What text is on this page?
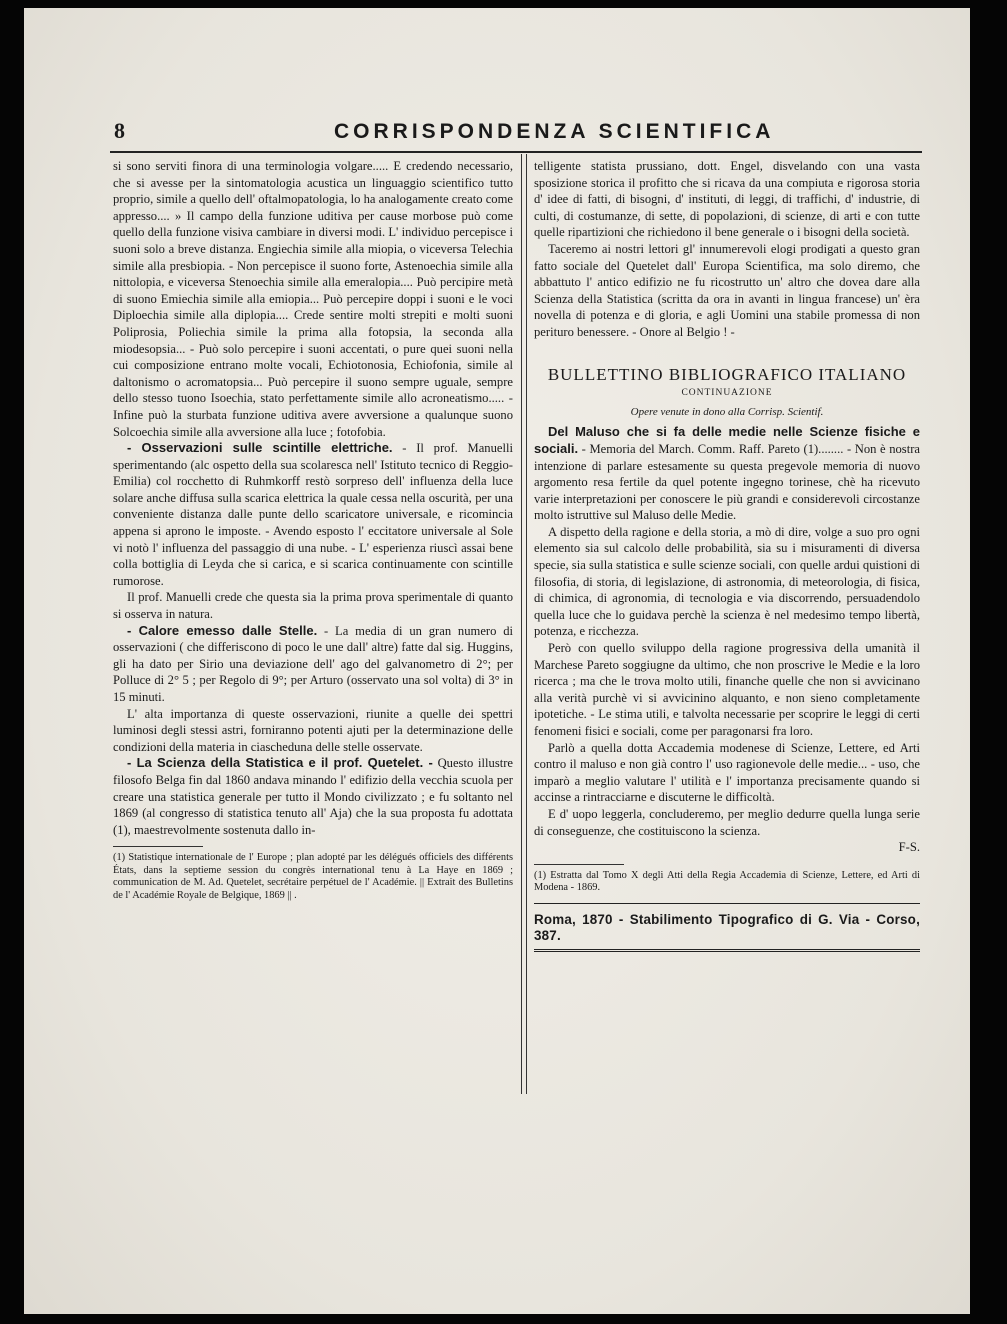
8	CORRISPONDENZA SCIENTIFICA

si sono serviti finora di una terminologia volgare..... E credendo necessario, che si avesse per la sintomatologia acustica un linguaggio scientifico tutto proprio, simile a quello dell' oftalmopatologia, lo ha analogamente creato come appresso.... » Il campo della funzione uditiva per cause morbose può come quello della funzione visiva cambiare in diversi modi. L' individuo percepisce i suoni solo a breve distanza. Engiechia simile alla miopia, o viceversa Telechia simile alla presbiopia. - Non percepisce il suono forte, Astenoechia simile alla nittolopia, e viceversa Stenoechia simile alla emeralopia.... Può percipire metà di suono Emiechia simile alla emiopia... Può percepire doppi i suoni e le voci Diploechia simile alla diplopia.... Crede sentire molti strepiti e molti suoni Poliprosia, Poliechia simile la prima alla fotopsia, la seconda alla miodesopsia... - Può solo percepire i suoni accentati, o pure quei suoni nella cui composizione entrano molte vocali, Echiotonosia, Echiofonia, simile al daltonismo o acromatopsia... Può percepire il suono sempre uguale, sempre dello stesso tuono Isoechia, stato perfettamente simile allo acroneatismo..... - Infine può la sturbata funzione uditiva avere avversione a qualunque suono Solcoechia simile alla avversione alla luce ; fotofobia.

- Osservazioni sulle scintille elettriche. - Il prof. Manuelli sperimentando (alc ospetto della sua scolaresca nell' Istituto tecnico di Reggio-Emilia) col rocchetto di Ruhmkorff restò sorpreso dell' influenza della luce solare anche diffusa sulla scarica elettrica la quale cessa nella oscurità, per una conveniente distanza dalle punte dello scaricatore universale, e ricomincia appena si aprono le imposte. - Avendo esposto l' eccitatore universale al Sole vi notò l' influenza del passaggio di una nube. - L' esperienza riuscì assai bene colla bottiglia di Leyda che si carica, e si scarica continuamente con scintille rumorose.

Il prof. Manuelli crede che questa sia la prima prova sperimentale di quanto si osserva in natura.

- Calore emesso dalle Stelle. - La media di un gran numero di osservazioni ( che differiscono di poco le une dall' altre) fatte dal sig. Huggins, gli ha dato per Sirio una deviazione dell' ago del galvanometro di 2°; per Polluce di 2° 5 ; per Regolo di 9°; per Arturo (osservato una sol volta) di 3° in 15 minuti.

L' alta importanza di queste osservazioni, riunite a quelle dei spettri luminosi degli stessi astri, forniranno potenti ajuti per la determinazione delle condizioni della materia in ciascheduna delle stelle osservate.

- La Scienza della Statistica e il prof. Quetelet. - Questo illustre filosofo Belga fin dal 1860 andava minando l' edifizio della vecchia scuola per creare una statistica generale per tutto il Mondo civilizzato ; e fu soltanto nel 1869 (al congresso di statistica tenuto all' Aja) che la sua proposta fu adottata (1), maestrevolmente sostenuta dallo in-

(1) Statistique internationale de l' Europe ; plan adopté par les délégués officiels des différents États, dans la septieme session du congrès international tenu à La Haye en 1869 ; communication de M. Ad. Quetelet, secrétaire perpétuel de l' Académie. || Extrait des Bulletins de l' Académie Royale de Belgique, 1869 || .

telligente statista prussiano, dott. Engel, disvelando con una vasta sposizione storica il profitto che si ricava da una compiuta e rigorosa storia d' idee di fatti, di bisogni, d' instituti, di leggi, di traffichi, d' industrie, di culti, di costumanze, di sette, di popolazioni, di scienze, di arti e con tutte quelle ripartizioni che richiedono il bene generale o i bisogni della società.

Taceremo ai nostri lettori gl' innumerevoli elogi prodigati a questo gran fatto sociale del Quetelet dall' Europa Scientifica, ma solo diremo, che abbattuto l' antico edifizio ne fu ricostrutto un' altro che dovea dare alla Scienza della Statistica (scritta da ora in avanti in lingua francese) un' èra novella di potenza e di gloria, e agli Uomini una stabile promessa di non perituro benessere. - Onore al Belgio ! -

BULLETTINO BIBLIOGRAFICO ITALIANO
CONTINUAZIONE
Opere venute in dono alla Corrisp. Scientif.

Del Maluso che si fa delle medie nelle Scienze fisiche e sociali. - Memoria del March. Comm. Raff. Pareto (1)........ - Non è nostra intenzione di parlare estesamente su questa pregevole memoria di nuovo argomento resa fertile da quel potente ingegno torinese, chè ha ricevuto varie interpretazioni per conoscere le più grandi e considerevoli circostanze molto istruttive sul Maluso delle Medie.

A dispetto della ragione e della storia, a mò di dire, volge a suo pro ogni elemento sia sul calcolo delle probabilità, sia su i misuramenti di diversa specie, sia sulla statistica e sulle scienze sociali, con quelle ardui quistioni di filosofia, di storia, di legislazione, di astronomia, di meteorologia, di fisica, di chimica, di agronomia, di tecnologia e via discorrendo, persuadendolo quella luce che lo guidava perchè la scienza è nel medesimo tempo libertà, potenza, e ricchezza.

Però con quello sviluppo della ragione progressiva della umanità il Marchese Pareto soggiugne da ultimo, che non proscrive le Medie e la loro ricerca ; ma che le trova molto utili, finanche quelle che non si avvicinano alla verità purchè vi si avvicinino alquanto, e non sieno completamente ipotetiche. - Le stima utili, e talvolta necessarie per scoprire le leggi di certi fenomeni fisici e sociali, come per paragonarsi fra loro.

Parlò a quella dotta Accademia modenese di Scienze, Lettere, ed Arti contro il maluso e non già contro l' uso ragionevole delle medie... - uso, che imparò a meglio valutare l' utilità e l' importanza precisamente quando si accinse a rintracciarne e discuterne le difficoltà.

E d' uopo leggerla, concluderemo, per meglio dedurre quella lunga serie di conseguenze, che costituiscono la scienza.

F-S.
(1) Estratta dal Tomo X degli Atti della Regia Accademia di Scienze, Lettere, ed Arti di Modena - 1869.
Roma, 1870 - Stabilimento Tipografico di G. Via - Corso, 387.
